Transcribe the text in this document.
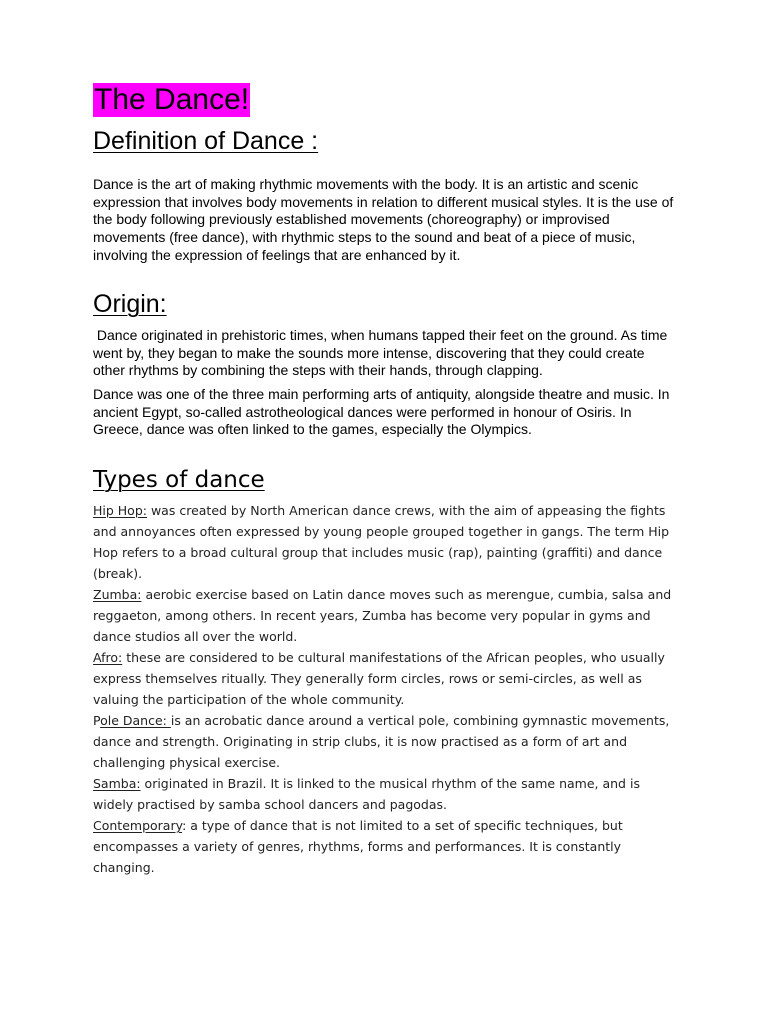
The Dance!
Definition of Dance :

Dance is the art of making rhythmic movements with the body. It is an artistic and scenic expression that involves body movements in relation to different musical styles. It is the use of the body following previously established movements (choreography) or improvised movements (free dance), with rhythmic steps to the sound and beat of a piece of music, involving the expression of feelings that are enhanced by it.

Origin:

Dance originated in prehistoric times, when humans tapped their feet on the ground. As time went by, they began to make the sounds more intense, discovering that they could create other rhythms by combining the steps with their hands, through clapping.

Dance was one of the three main performing arts of antiquity, alongside theatre and music. In ancient Egypt, so-called astrotheological dances were performed in honour of Osiris. In Greece, dance was often linked to the games, especially the Olympics.

Types of dance
Hip Hop: was created by North American dance crews, with the aim of appeasing the fights and annoyances often expressed by young people grouped together in gangs. The term Hip Hop refers to a broad cultural group that includes music (rap), painting (graffiti) and dance (break).
Zumba: aerobic exercise based on Latin dance moves such as merengue, cumbia, salsa and reggaeton, among others. In recent years, Zumba has become very popular in gyms and dance studios all over the world.
Afro: these are considered to be cultural manifestations of the African peoples, who usually express themselves ritually. They generally form circles, rows or semi-circles, as well as valuing the participation of the whole community.
Pole Dance: is an acrobatic dance around a vertical pole, combining gymnastic movements, dance and strength. Originating in strip clubs, it is now practised as a form of art and challenging physical exercise.
Samba: originated in Brazil. It is linked to the musical rhythm of the same name, and is widely practised by samba school dancers and pagodas.
Contemporary: a type of dance that is not limited to a set of specific techniques, but encompasses a variety of genres, rhythms, forms and performances. It is constantly changing.
